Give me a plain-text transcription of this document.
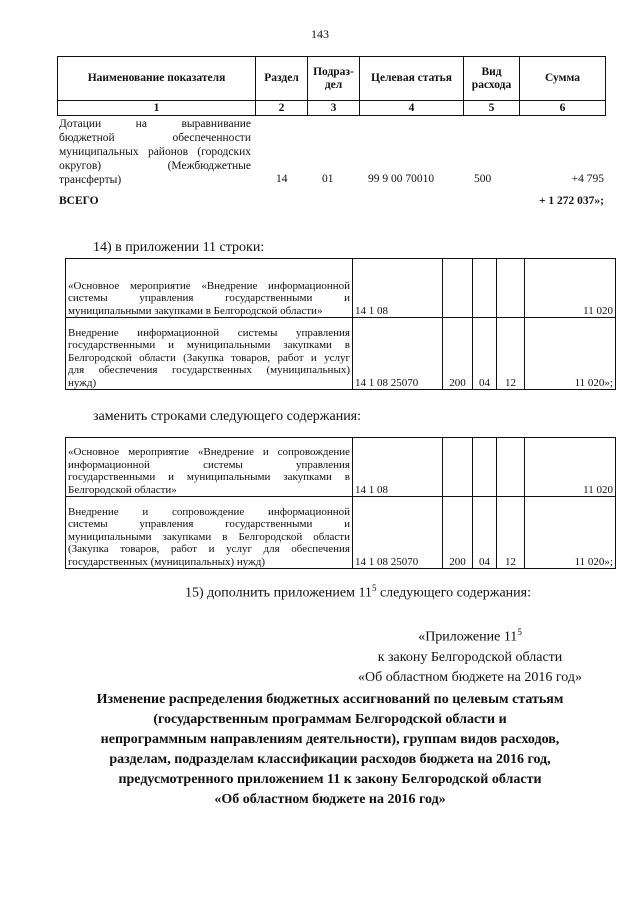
143
Наименование показателя	Раздел	Подраз-дел	Целевая статья	Вид расхода	Сумма
1	2	3	4	5	6
Дотации на выравнивание
бюджетной обеспеченности
муниципальных районов (городских
округов) (Межбюджетные
трансферты)	14	01	99 9 00 70010	500	+4 795
ВСЕГО	+ 1 272 037»;
14) в приложении 11 строки:
«Основное мероприятие «Внедрение информационной
системы управления государственными и
муниципальными закупками в Белгородской области»	14 1 08				11 020

Внедрение информационной системы управления
государственными и муниципальными закупками в
Белгородской области (Закупка товаров, работ и услуг
для обеспечения государственных (муниципальных)
нужд)	14 1 08 25070	200	04	12	11 020»;
заменить строками следующего содержания:
«Основное мероприятие «Внедрение и сопровождение
информационной системы управления
государственными и муниципальными закупками в
Белгородской области»	14 1 08				11 020

Внедрение и сопровождение информационной
системы управления государственными и
муниципальными закупками в Белгородской области
(Закупка товаров, работ и услуг для обеспечения
государственных (муниципальных) нужд)	14 1 08 25070	200	04	12	11 020»;
15) дополнить приложением $11^5$ следующего содержания:
«Приложение $11^5$
к закону Белгородской области
«Об областном бюджете на 2016 год»
Изменение распределения бюджетных ассигнований по целевым статьям
(государственным программам Белгородской области и
непрограммным направлениям деятельности), группам видов расходов,
разделам, подразделам классификации расходов бюджета на 2016 год,
предусмотренного приложением 11 к закону Белгородской области
«Об областном бюджете на 2016 год»
